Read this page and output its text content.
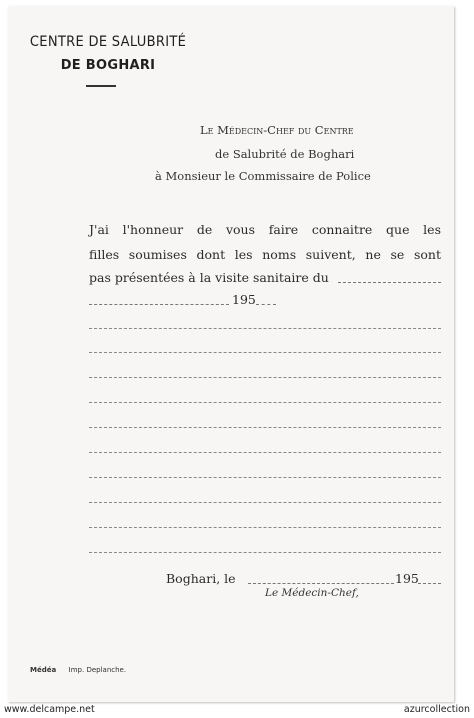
CENTRE DE SALUBRITÉ
DE BOGHARI
Le Médecin-Chef du Centre
de Salubrité de Boghari
à Monsieur le Commissaire de Police
J'ai l'honneur de vous faire connaitre que les
filles soumises dont les noms suivent, ne se sont
pas présentées à la visite sanitaire du
195
Boghari, le	195
Le Médecin-Chef,
Médéa Imp. Deplanche.
www.delcampe.net	azurcollection
